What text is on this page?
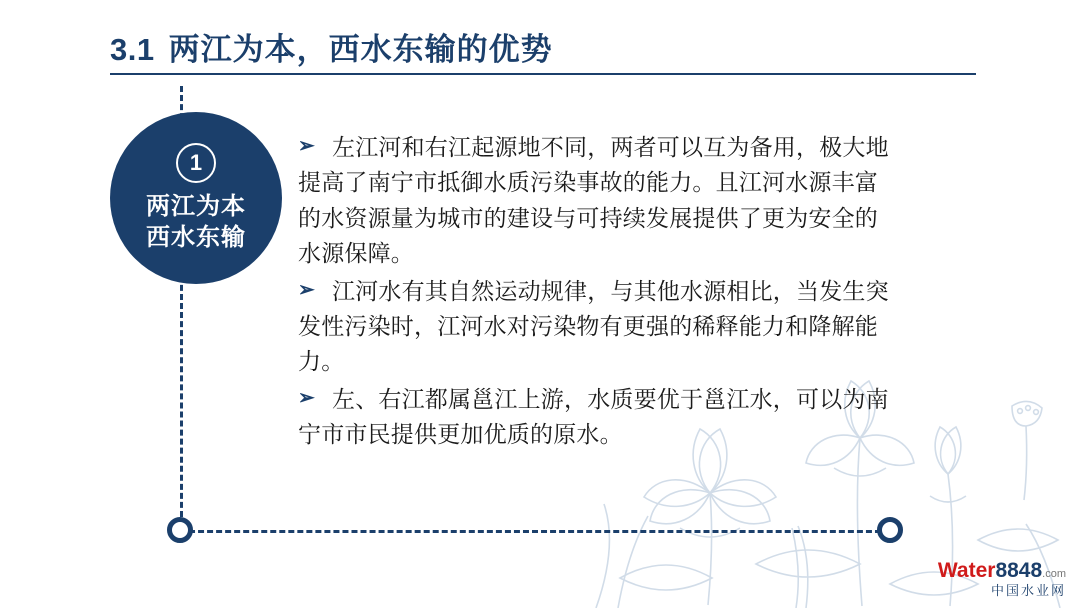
3.1 两江为本，西水东输的优势
1
两江为本
西水东输
➢ 左江河和右江起源地不同，两者可以互为备用，极大地提高了南宁市抵御水质污染事故的能力。且江河水源丰富的水资源量为城市的建设与可持续发展提供了更为安全的水源保障。
➢ 江河水有其自然运动规律，与其他水源相比，当发生突发性污染时，江河水对污染物有更强的稀释能力和降解能力。
➢ 左、右江都属邕江上游，水质要优于邕江水，可以为南宁市市民提供更加优质的原水。
Water8848.com
中国水业网
